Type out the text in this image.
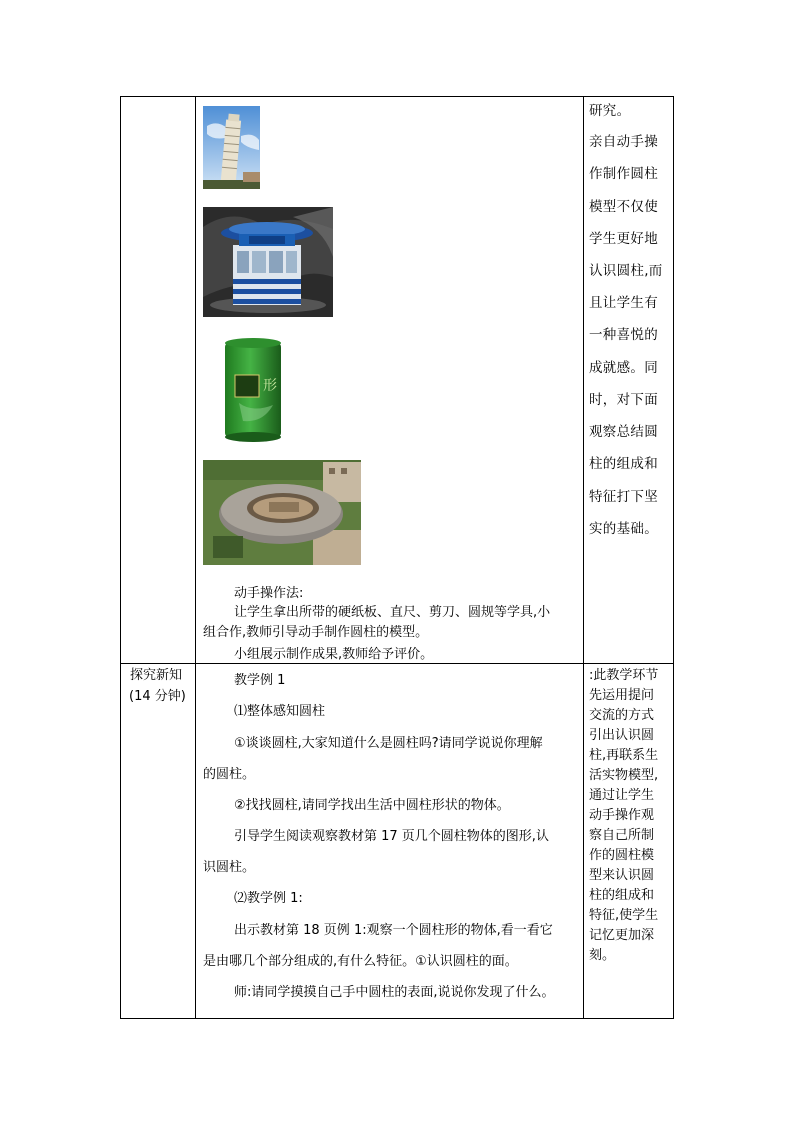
研究。
亲自动手操
作制作圆柱
模型不仅使
学生更好地
认识圆柱,而
且让学生有
一种喜悦的
成就感。同
时，对下面
观察总结圆
柱的组成和
特征打下坚
实的基础。
形
动手操作法:
让学生拿出所带的硬纸板、直尺、剪刀、圆规等学具,小
组合作,教师引导动手制作圆柱的模型。
小组展示制作成果,教师给予评价。
探究新知
(14 分钟)
教学例 1
⑴整体感知圆柱
①谈谈圆柱,大家知道什么是圆柱吗?请同学说说你理解
的圆柱。
②找找圆柱,请同学找出生活中圆柱形状的物体。
引导学生阅读观察教材第 17 页几个圆柱物体的图形,认
识圆柱。
⑵教学例 1:
出示教材第 18 页例 1:观察一个圆柱形的物体,看一看它
是由哪几个部分组成的,有什么特征。①认识圆柱的面。
师:请同学摸摸自己手中圆柱的表面,说说你发现了什么。
:此教学环节
先运用提问
交流的方式
引出认识圆
柱,再联系生
活实物模型,
通过让学生
动手操作观
察自己所制
作的圆柱模
型来认识圆
柱的组成和
特征,使学生
记忆更加深
刻。
